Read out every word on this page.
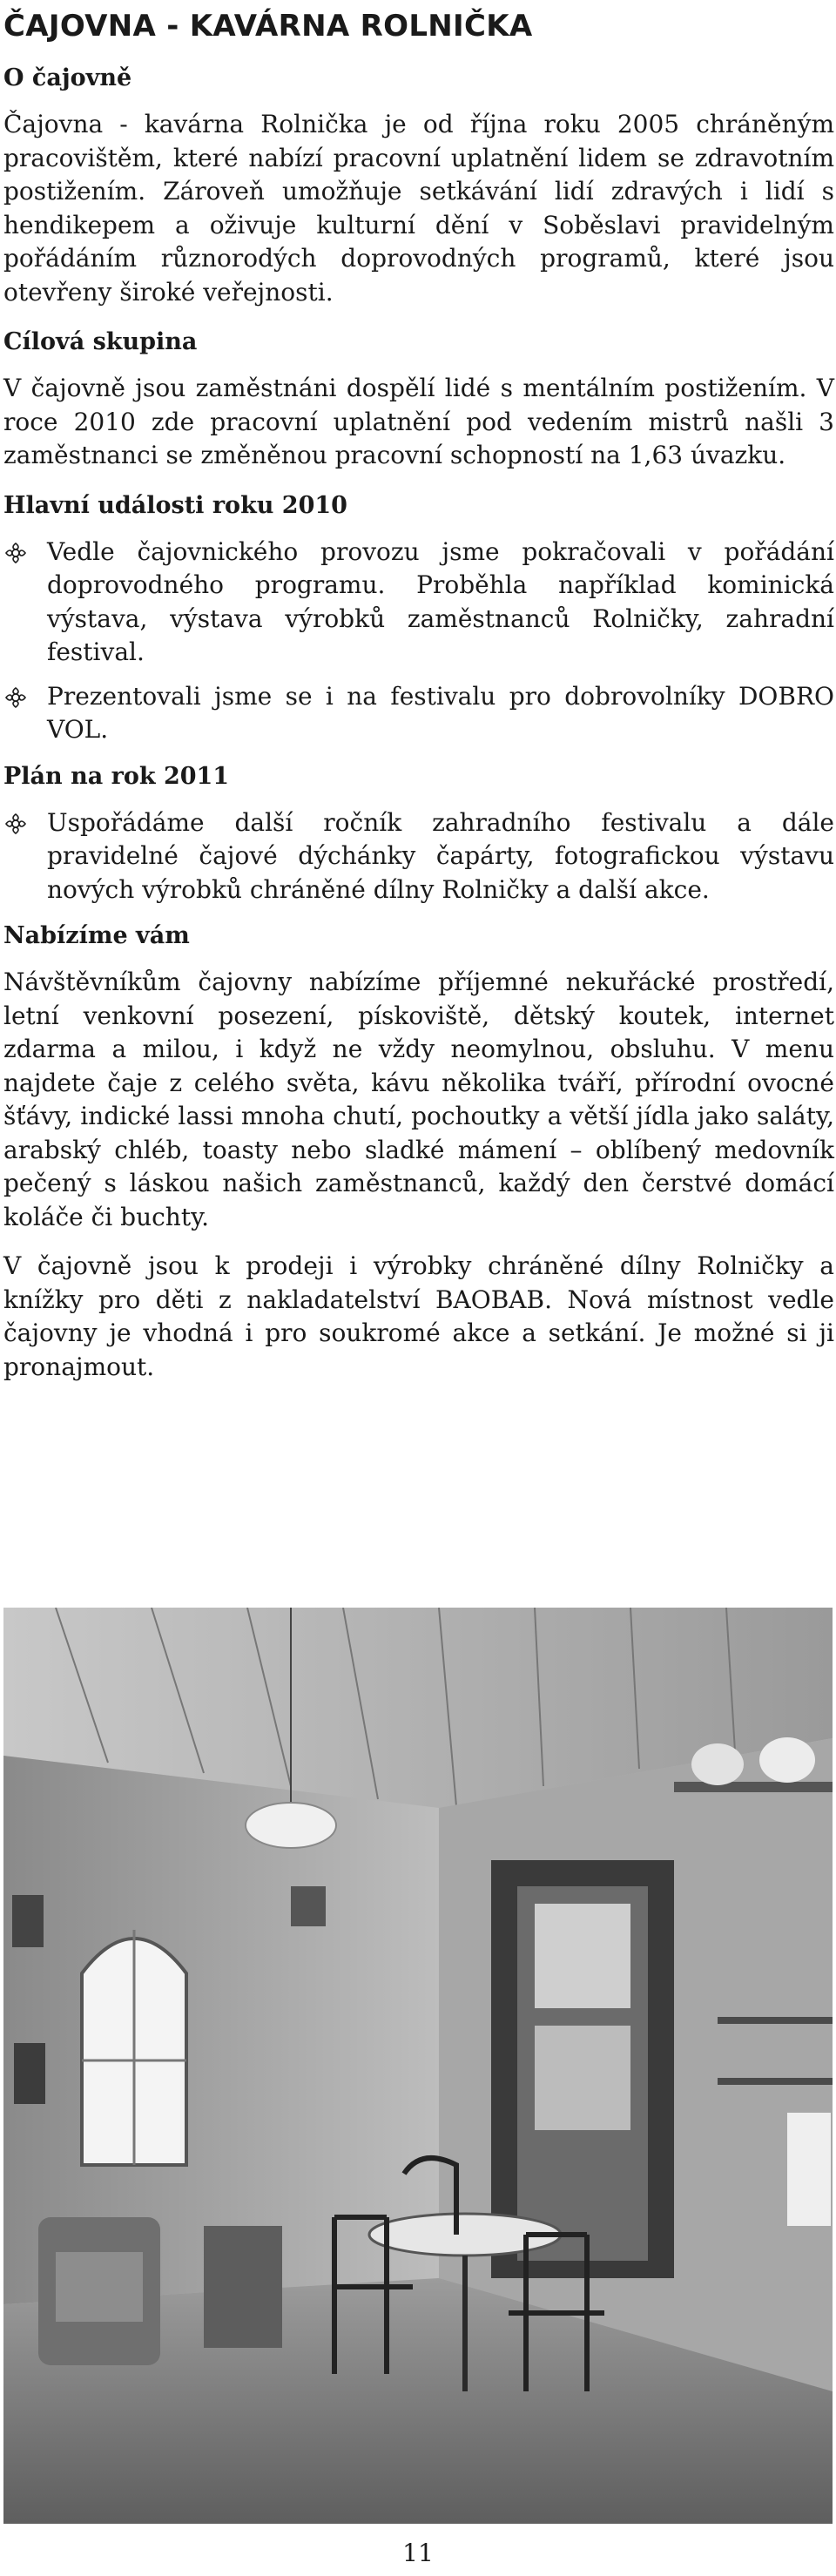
ČAJOVNA - KAVÁRNA ROLNIČKA
O čajovně

Čajovna - kavárna Rolnička je od října roku 2005 chráněným pracovištěm, které nabízí pracovní uplatnění lidem se zdravotním postižením. Zároveň umožňuje setkávání lidí zdravých i lidí s hendikepem a oživuje kulturní dění v Soběslavi pravidelným pořádáním různorodých doprovodných programů, které jsou otevřeny široké veřejnosti.

Cílová skupina

V čajovně jsou zaměstnáni dospělí lidé s mentálním postižením. V roce 2010 zde pracovní uplatnění pod vedením mistrů našli 3 zaměstnanci se změněnou pracovní schopností na 1,63 úvazku.

Hlavní události roku 2010

Vedle čajovnického provozu jsme pokračovali v pořádání doprovodného programu. Proběhla například kominická výstava, výstava výrobků zaměstnanců Rolničky, zahradní festival.

Prezentovali jsme se i na festivalu pro dobrovolníky DOBRO VOL.

Plán na rok 2011

Uspořádáme další ročník zahradního festivalu a dále pravidelné čajové dýchánky čapárty, fotografickou výstavu nových výrobků chráněné dílny Rolničky a další akce.

Nabízíme vám

Návštěvníkům čajovny nabízíme příjemné nekuřácké prostředí, letní venkovní posezení, pískoviště, dětský koutek, internet zdarma a milou, i když ne vždy neomylnou, obsluhu. V menu najdete čaje z celého světa, kávu několika tváří, přírodní ovocné šťávy, indické lassi mnoha chutí, pochoutky a větší jídla jako saláty, arabský chléb, toasty nebo sladké mámení – oblíbený medovník pečený s láskou našich zaměstnanců, každý den čerstvé domácí koláče či buchty.

V čajovně jsou k prodeji i výrobky chráněné dílny Rolničky a knížky pro děti z nakladatelství BAOBAB. Nová místnost vedle čajovny je vhodná i pro soukromé akce a setkání. Je možné si ji pronajmout.

11
